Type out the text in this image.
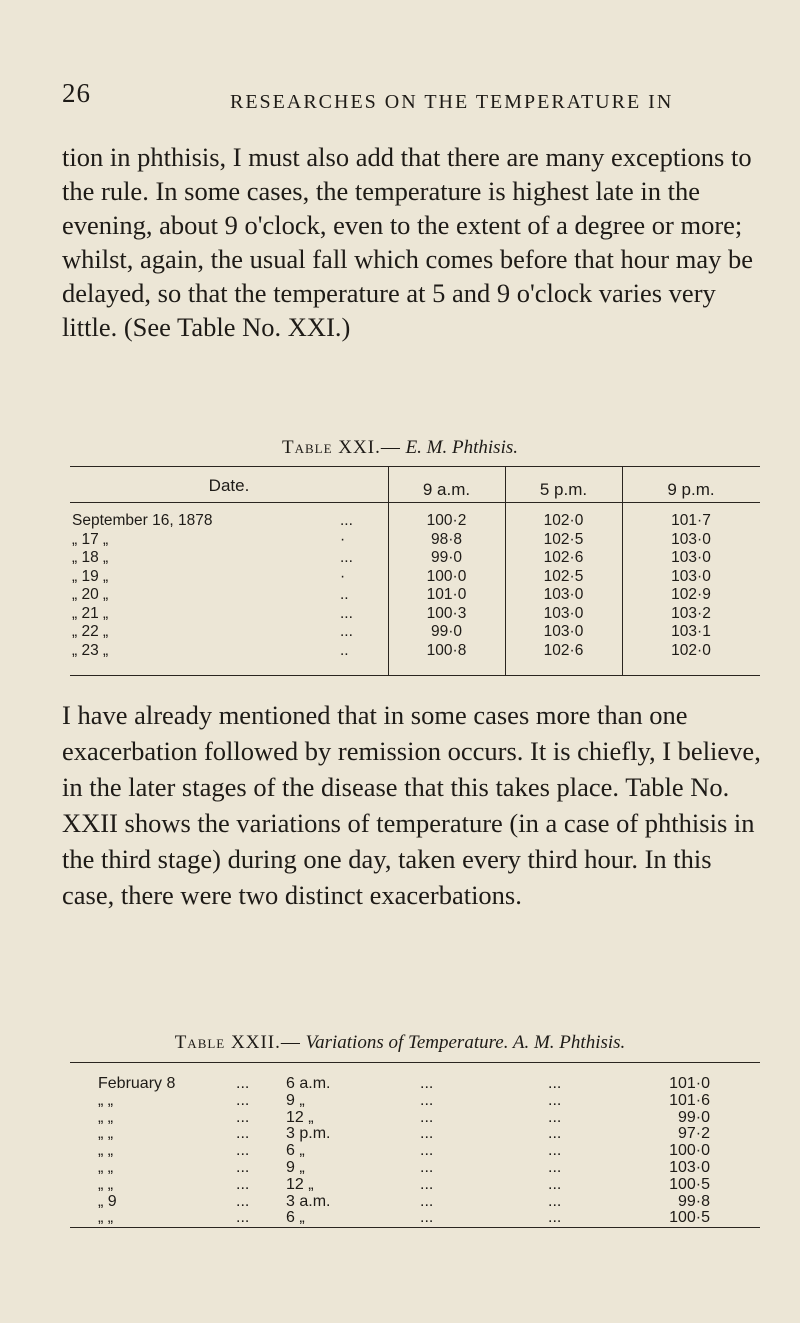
26	RESEARCHES ON THE TEMPERATURE IN

tion in phthisis, I must also add that there are many exceptions to the rule. In some cases, the temperature is highest late in the evening, about 9 o'clock, even to the extent of a degree or more; whilst, again, the usual fall which comes before that hour may be delayed, so that the temperature at 5 and 9 o'clock varies very little. (See Table No. XXI.)

Table XXI.— E. M. Phthisis.
Date.	9 a.m.	5 p.m.	9 p.m.
September 16, 1878	...	100·2	102·0	101·7
„ 17 „	·	98·8	102·5	103·0
„ 18 „	...	99·0	102·6	103·0
„ 19 „	·	100·0	102·5	103·0
„ 20 „	..	101·0	103·0	102·9
„ 21 „	...	100·3	103·0	103·2
„ 22 „	...	99·0	103·0	103·1
„ 23 „	..	100·8	102·6	102·0

I have already mentioned that in some cases more than one exacerbation followed by remission occurs. It is chiefly, I believe, in the later stages of the disease that this takes place. Table No. XXII shows the variations of temperature (in a case of phthisis in the third stage) during one day, taken every third hour. In this case, there were two distinct exacerbations.

Table XXII.— Variations of Temperature. A. M. Phthisis.
February 8	... 6 a.m.	...	...	101·0
„ „	... 9 „	...	...	101·6
„ „	... 12 „	...	...	99·0
„ „	... 3 p.m.	...	...	97·2
„ „	... 6 „	...	...	100·0
„ „	... 9 „	...	...	103·0
„ „	... 12 „	...	...	100·5
„ 9	... 3 a.m.	...	...	99·8
„ „	... 6 „	...	...	100·5
